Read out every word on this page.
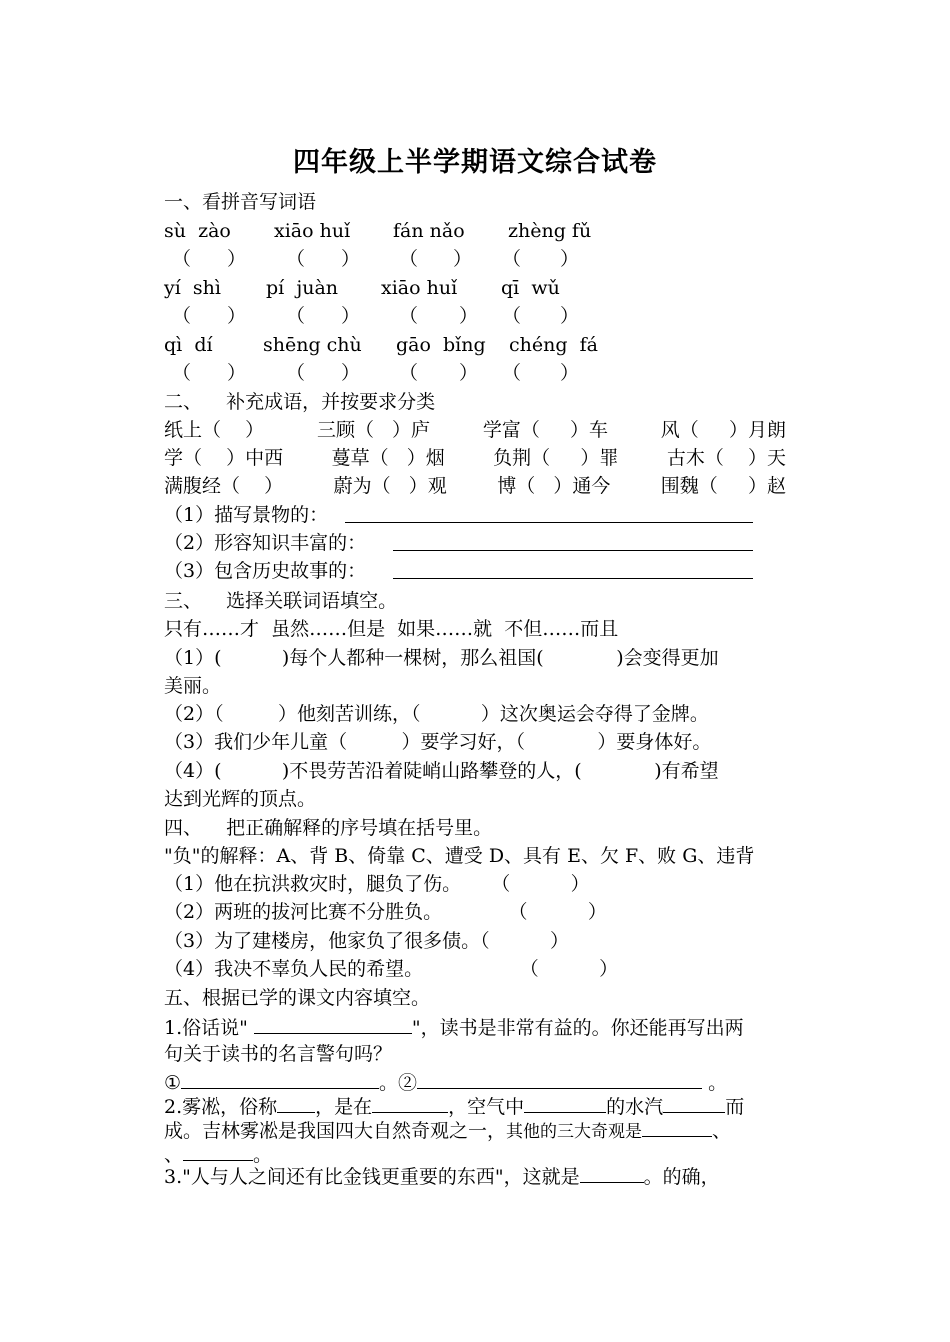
四年级上半学期语文综合试卷
一、看拼音写词语
sù  zào xiāo huǐ fán nǎo zhèng fǔ
（ ） （ ） （ ） （ ）
yí  shì pí  juàn xiāo huǐ qī  wǔ
（ ） （ ） （ ） （ ）
qì  dí	shēng chù gāo  bǐng chéng  fá
（ ） （ ） （ ） （ ）
二、    补充成语，并按要求分类
纸上（    ）	三顾（   ）庐	学富（     ）车	风（     ）月朗
学（    ）中西	蔓草（   ）烟	负荆（     ）罪	古木（    ）天
满腹经（    ）	蔚为（   ）观	博（   ）通今	围魏（     ）赵
（1）描写景物的：
（2）形容知识丰富的：
（3）包含历史故事的：
三、    选择关联词语填空。
只有……才  虽然……但是  如果……就  不但……而且
（1）(          )每个人都种一棵树，那么祖国(            )会变得更加
美丽。
（2）（         ）他刻苦训练，（          ）这次奥运会夺得了金牌。
（3）我们少年儿童（         ）要学习好，（            ）要身体好。
（4）(          )不畏劳苦沿着陡峭山路攀登的人，(            )有希望
达到光辉的顶点。
四、    把正确解释的序号填在括号里。
"负"的解释：A、背 B、倚靠 C、遭受 D、具有 E、欠 F、败 G、违背
（1）他在抗洪救灾时，腿负了伤。     （          ）
（2）两班的拔河比赛不分胜负。           （          ）
（3）为了建楼房，他家负了很多债。（          ）
（4）我决不辜负人民的希望。                （          ）
五、根据已学的课文内容填空。
1.俗话说"	"，读书是非常有益的。你还能再写出两
句关于读书的名言警句吗？
①	。②	。
2.雾凇，俗称 ，是在	，空气中	的水汽	而
成。吉林雾凇是我国四大自然奇观之一，其他的三大奇观是	、
、	。
3."人与人之间还有比金钱更重要的东西"，这就是	。的确，
